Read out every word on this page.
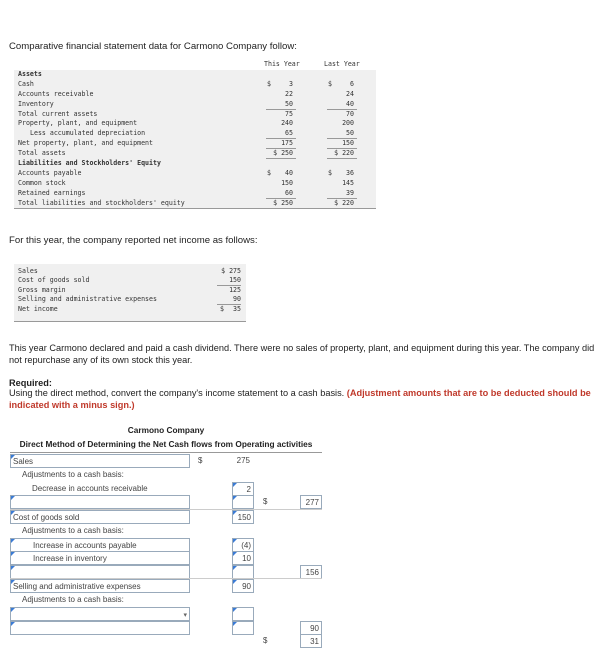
Comparative financial statement data for Carmono Company follow:
This Year	Last Year
Assets
Cash	$	3	$	6
Accounts receivable	22	24
Inventory	50	40
Total current assets	75	70
Property, plant, and equipment	240	200
Less accumulated depreciation	65	50
Net property, plant, and equipment	175	150
Total assets	$ 250	$ 220
Liabilities and Stockholders' Equity
Accounts payable	$	40	$	36
Common stock	150	145
Retained earnings	60	39
Total liabilities and stockholders' equity	$ 250	$ 220
For this year, the company reported net income as follows:
Sales	$ 275
Cost of goods sold	150
Gross margin	125
Selling and administrative expenses	90
Net income	$	35
This year Carmono declared and paid a cash dividend. There were no sales of property, plant, and equipment during this year. The company did not repurchase any of its own stock this year.
Required:
Using the direct method, convert the company's income statement to a cash basis. (Adjustment amounts that are to be deducted should be indicated with a minus sign.)
Carmono Company
Direct Method of Determining the Net Cash flows from Operating activities
Sales	$	275
Adjustments to a cash basis:
Decrease in accounts receivable	2
$	277
Cost of goods sold	150
Adjustments to a cash basis:
Increase in accounts payable	(4)
Increase in inventory	10
156
Selling and administrative expenses	90
Adjustments to a cash basis:
▾
90
$	31
